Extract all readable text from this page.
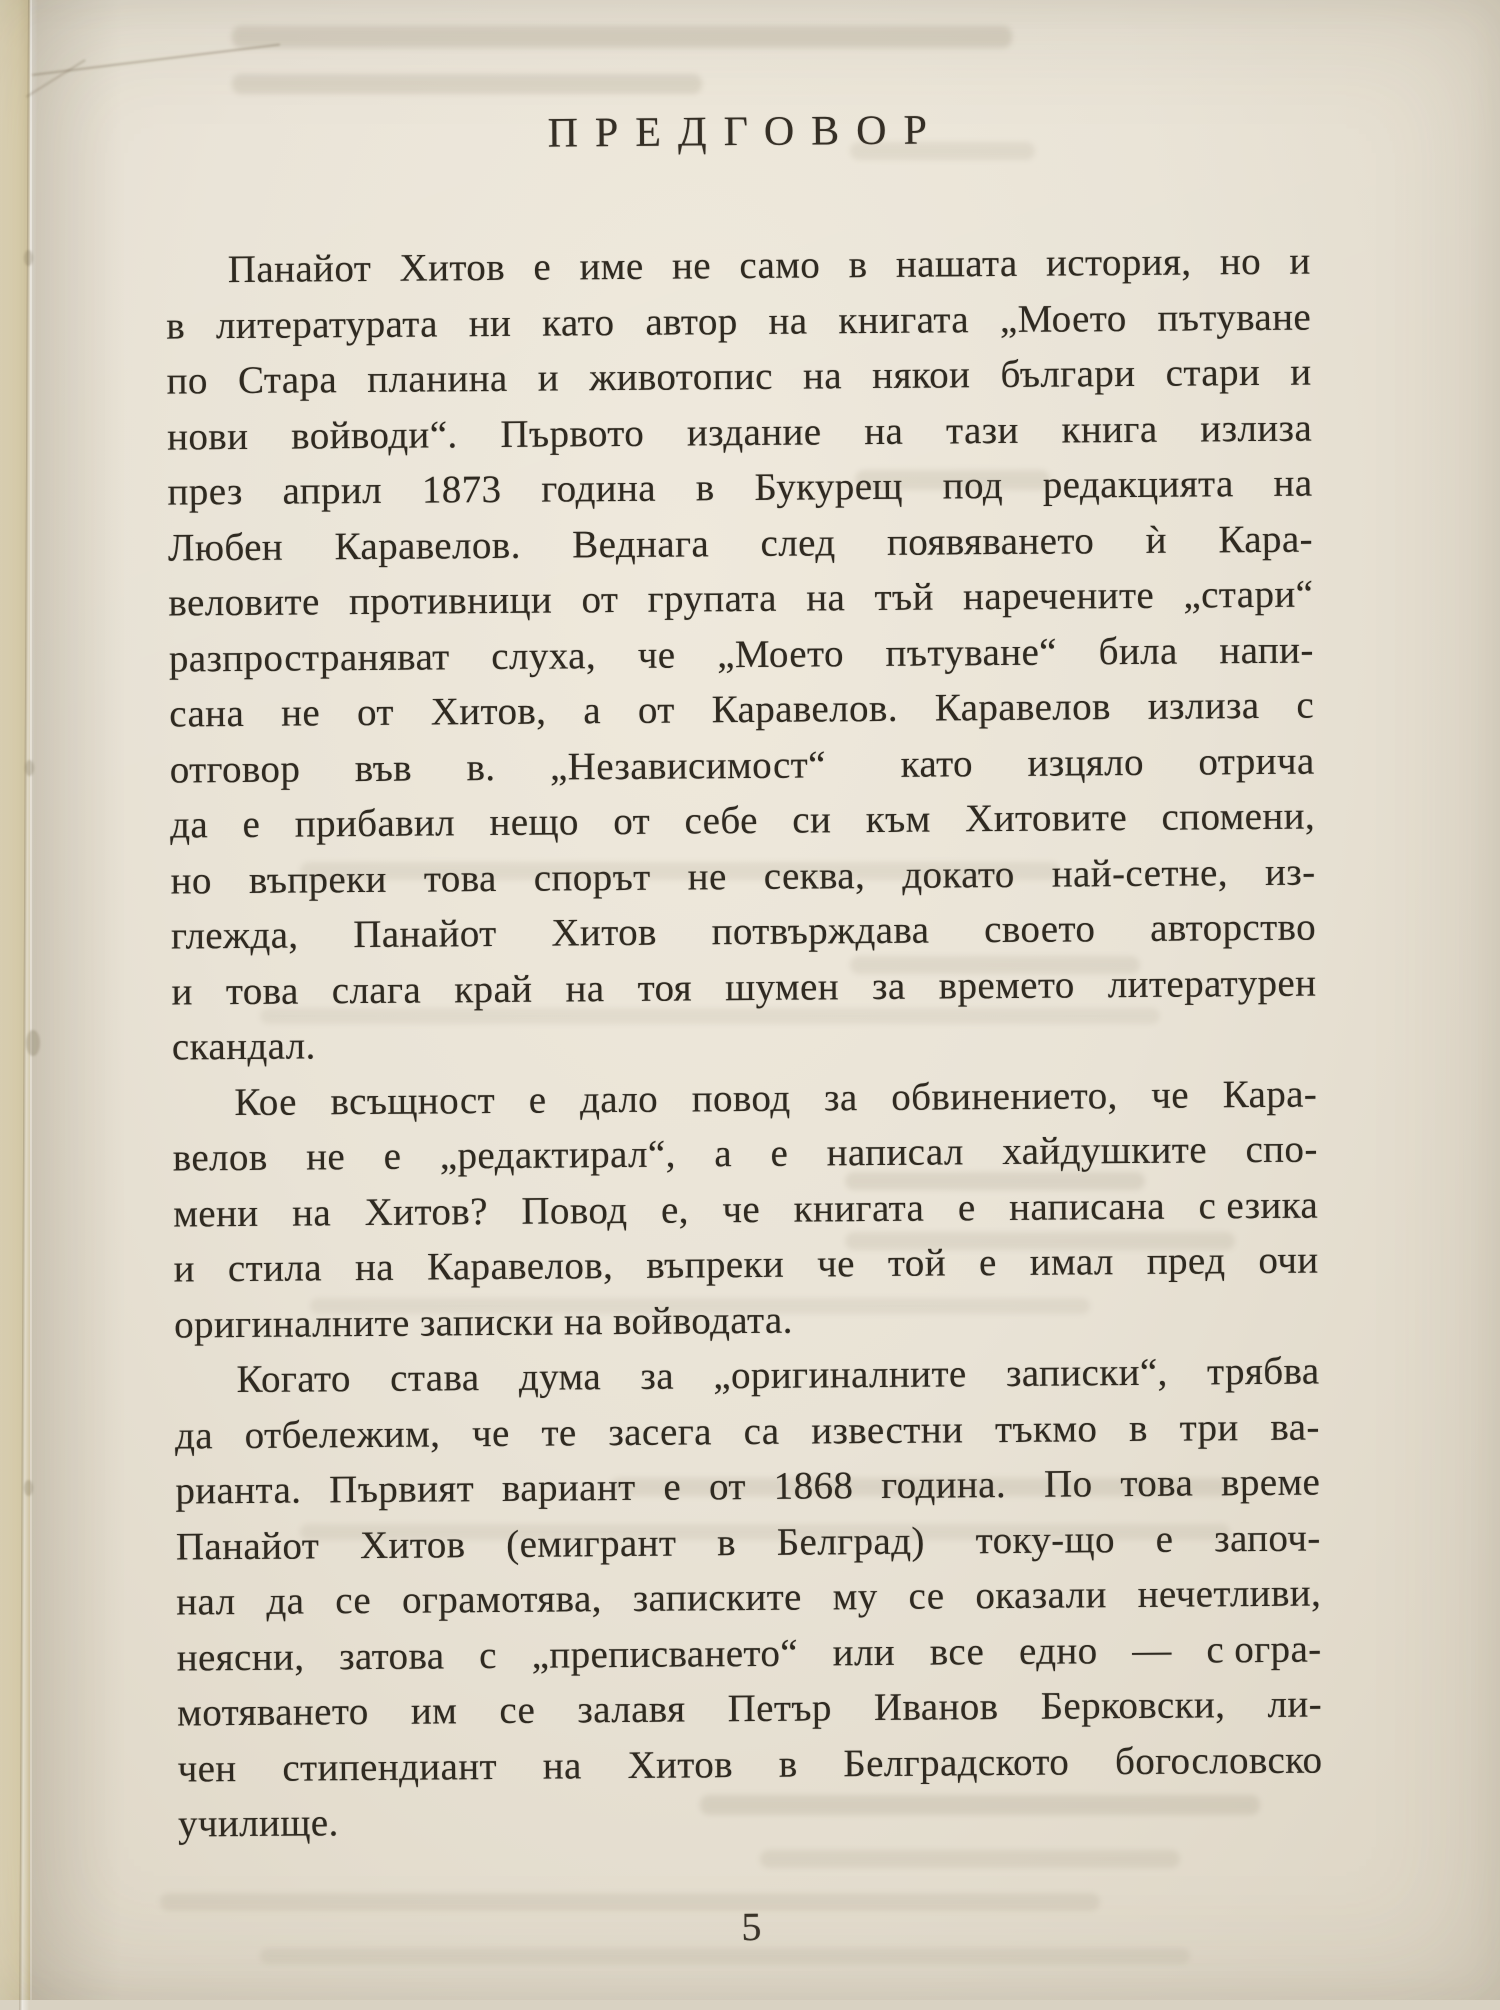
ПРЕДГОВОР
Панайот Хитов е име не само в нашата история, но и
в литературата ни като автор на книгата „Моето пътуване
по Стара планина и животопис на някои българи стари и
нови войводи“. Първото издание на тази книга излиза
през април 1873 година в Букурещ под редакцията на
Любен Каравелов. Веднага след появяването ѝ Кара-
веловите противници от групата на тъй наречените „стари“
разпространяват слуха, че „Моето пътуване“ била напи-
сана не от Хитов, а от Каравелов. Каравелов излиза с
отговор във в. „Независимост“ като изцяло отрича
да е прибавил нещо от себе си към Хитовите спомени,
но въпреки това спорът не секва, докато най-сетне, из-
глежда, Панайот Хитов потвърждава своето авторство
и това слага край на тоя шумен за времето литературен
скандал.
Кое всъщност е дало повод за обвинението, че Кара-
велов не е „редактирал“, а е написал хайдушките спо-
мени на Хитов? Повод е, че книгата е написана с езика
и стила на Каравелов, въпреки че той е имал пред очи
оригиналните записки на войводата.
Когато става дума за „оригиналните записки“, трябва
да отбележим, че те засега са известни тъкмо в три ва-
рианта. Първият вариант е от 1868 година. По това време
Панайот Хитов (емигрант в Белград) току-що е започ-
нал да се ограмотява, записките му се оказали нечетливи,
неясни, затова с „преписването“ или все едно — с огра-
мотяването им се залавя Петър Иванов Берковски, ли-
чен стипендиант на Хитов в Белградското богословско
училище.
5
